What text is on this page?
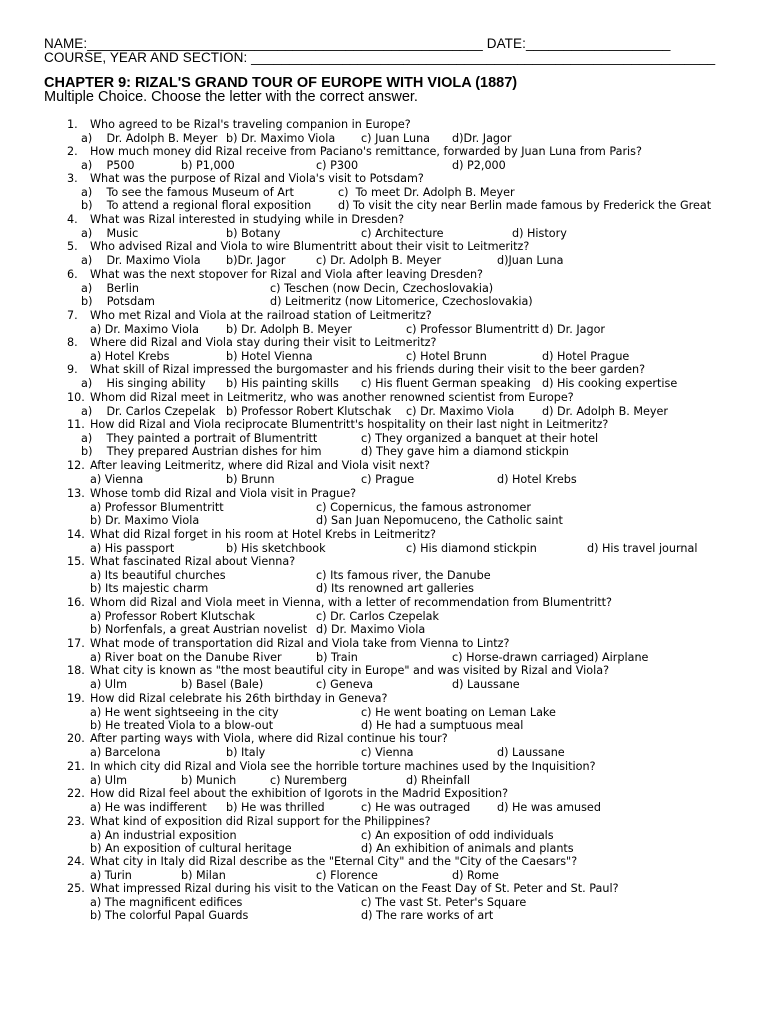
NAME:____________________________________________________ DATE:___________________
COURSE, YEAR AND SECTION: _____________________________________________________________
CHAPTER 9: RIZAL'S GRAND TOUR OF EUROPE WITH VIOLA (1887)
Multiple Choice. Choose the letter with the correct answer.
1. Who agreed to be Rizal's traveling companion in Europe?
a)    Dr. Adolph B. Meyer b) Dr. Maximo Viola c) Juan Luna d)Dr. Jagor
2. How much money did Rizal receive from Paciano's remittance, forwarded by Juan Luna from Paris?
a)    P500	b) P1,000	c) P300	d) P2,000
3. What was the purpose of Rizal and Viola's visit to Potsdam?
a)    To see the famous Museum of Art	c)  To meet Dr. Adolph B. Meyer
b)    To attend a regional floral exposition d) To visit the city near Berlin made famous by Frederick the Great
4. What was Rizal interested in studying while in Dresden?
a)    Music	b) Botany	c) Architecture	d) History
5. Who advised Rizal and Viola to wire Blumentritt about their visit to Leitmeritz?
a)    Dr. Maximo Viola b)Dr. Jagor	c) Dr. Adolph B. Meyer	d)Juan Luna
6. What was the next stopover for Rizal and Viola after leaving Dresden?
a)    Berlin	c) Teschen (now Decin, Czechoslovakia)
b)    Potsdam	d) Leitmeritz (now Litomerice, Czechoslovakia)
7. Who met Rizal and Viola at the railroad station of Leitmeritz?
a) Dr. Maximo Viola b) Dr. Adolph B. Meyer	c) Professor Blumentritt d) Dr. Jagor
8. Where did Rizal and Viola stay during their visit to Leitmeritz?
a) Hotel Krebs	b) Hotel Vienna	c) Hotel Brunn	d) Hotel Prague
9. What skill of Rizal impressed the burgomaster and his friends during their visit to the beer garden?
a)    His singing ability b) His painting skills c) His fluent German speaking d) His cooking expertise
10. Whom did Rizal meet in Leitmeritz, who was another renowned scientist from Europe?
a)    Dr. Carlos Czepelak b) Professor Robert Klutschak c) Dr. Maximo Viola d) Dr. Adolph B. Meyer
11. How did Rizal and Viola reciprocate Blumentritt's hospitality on their last night in Leitmeritz?
a)    They painted a portrait of Blumentritt	c) They organized a banquet at their hotel
b)    They prepared Austrian dishes for him	d) They gave him a diamond stickpin
12. After leaving Leitmeritz, where did Rizal and Viola visit next?
a) Vienna	b) Brunn	c) Prague	d) Hotel Krebs
13. Whose tomb did Rizal and Viola visit in Prague?
a) Professor Blumentritt	c) Copernicus, the famous astronomer
b) Dr. Maximo Viola	d) San Juan Nepomuceno, the Catholic saint
14. What did Rizal forget in his room at Hotel Krebs in Leitmeritz?
a) His passport	b) His sketchbook	c) His diamond stickpin	d) His travel journal
15. What fascinated Rizal about Vienna?
a) Its beautiful churches	c) Its famous river, the Danube
b) Its majestic charm	d) Its renowned art galleries
16. Whom did Rizal and Viola meet in Vienna, with a letter of recommendation from Blumentritt?
a) Professor Robert Klutschak	c) Dr. Carlos Czepelak
b) Norfenfals, a great Austrian novelist d) Dr. Maximo Viola
17. What mode of transportation did Rizal and Viola take from Vienna to Lintz?
a) River boat on the Danube River	b) Train	c) Horse-drawn carriage d) Airplane
18. What city is known as "the most beautiful city in Europe" and was visited by Rizal and Viola?
a) Ulm	b) Basel (Bale)	c) Geneva	d) Laussane
19. How did Rizal celebrate his 26th birthday in Geneva?
a) He went sightseeing in the city	c) He went boating on Leman Lake
b) He treated Viola to a blow-out	d) He had a sumptuous meal
20. After parting ways with Viola, where did Rizal continue his tour?
a) Barcelona	b) Italy	c) Vienna	d) Laussane
21. In which city did Rizal and Viola see the horrible torture machines used by the Inquisition?
a) Ulm	b) Munich	c) Nuremberg	d) Rheinfall
22. How did Rizal feel about the exhibition of Igorots in the Madrid Exposition?
a) He was indifferent b) He was thrilled	c) He was outraged d) He was amused
23. What kind of exposition did Rizal support for the Philippines?
a) An industrial exposition	c) An exposition of odd individuals
b) An exposition of cultural heritage	d) An exhibition of animals and plants
24. What city in Italy did Rizal describe as the "Eternal City" and the "City of the Caesars"?
a) Turin	b) Milan	c) Florence	d) Rome
25. What impressed Rizal during his visit to the Vatican on the Feast Day of St. Peter and St. Paul?
a) The magnificent edifices	c) The vast St. Peter's Square
b) The colorful Papal Guards	d) The rare works of art
